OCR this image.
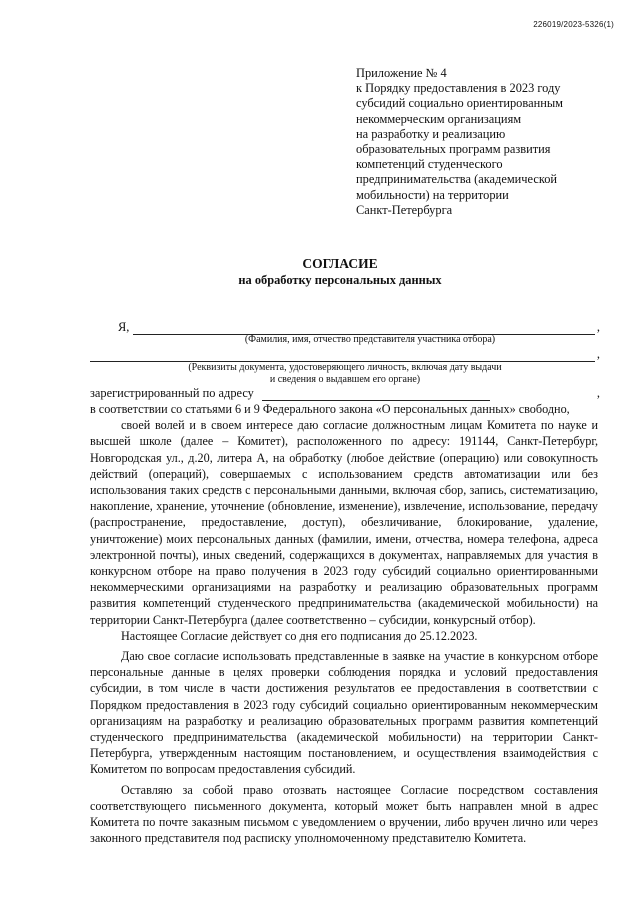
226019/2023-5326(1)
Приложение № 4
к Порядку предоставления в 2023 году
субсидий социально ориентированным
некоммерческим организациям
на разработку и реализацию
образовательных программ развития
компетенций студенческого
предпринимательства (академической
мобильности) на территории
Санкт-Петербурга
СОГЛАСИЕ
на обработку персональных данных
Я,	,
(Фамилия, имя, отчество представителя участника отбора)
,
(Реквизиты документа, удостоверяющего личность, включая дату выдачи
и сведения о выдавшем его органе)
зарегистрированный по адресу	,

в соответствии со статьями 6 и 9 Федерального закона «О персональных данных» свободно,

своей волей и в своем интересе даю согласие должностным лицам Комитета по науке и высшей школе (далее – Комитет), расположенного по адресу: 191144, Санкт-Петербург, Новгородская ул., д.20, литера А, на обработку (любое действие (операцию) или совокупность действий (операций), совершаемых с использованием средств автоматизации или без использования таких средств с персональными данными, включая сбор, запись, систематизацию, накопление, хранение, уточнение (обновление, изменение), извлечение, использование, передачу (распространение, предоставление, доступ), обезличивание, блокирование, удаление, уничтожение) моих персональных данных (фамилии, имени, отчества, номера телефона, адреса электронной почты), иных сведений, содержащихся в документах, направляемых для участия в конкурсном отборе на право получения в 2023 году субсидий социально ориентированными некоммерческими организациями на разработку и реализацию образовательных программ развития компетенций студенческого предпринимательства (академической мобильности) на территории Санкт-Петербурга (далее соответственно – субсидии, конкурсный отбор).

Настоящее Согласие действует со дня его подписания до 25.12.2023.

Даю свое согласие использовать представленные в заявке на участие в конкурсном отборе персональные данные в целях проверки соблюдения порядка и условий предоставления субсидии, в том числе в части достижения результатов ее предоставления в соответствии с Порядком предоставления в 2023 году субсидий социально ориентированным некоммерческим организациям на разработку и реализацию образовательных программ развития компетенций студенческого предпринимательства (академической мобильности) на территории Санкт-Петербурга, утвержденным настоящим постановлением, и осуществления взаимодействия с Комитетом по вопросам предоставления субсидий.

Оставляю за собой право отозвать настоящее Согласие посредством составления соответствующего письменного документа, который может быть направлен мной в адрес Комитета по почте заказным письмом с уведомлением о вручении, либо вручен лично или через законного представителя под расписку уполномоченному представителю Комитета.
